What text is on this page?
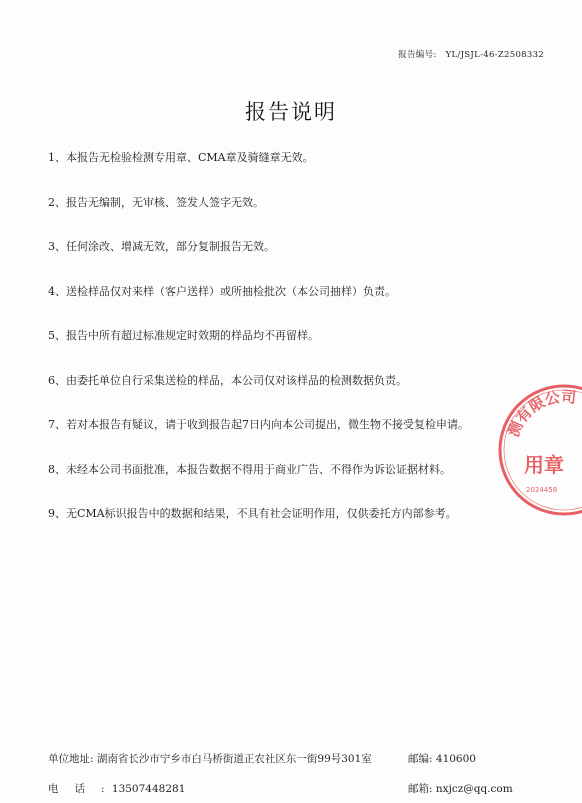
报告编号: YL/JSJL-46-Z2508332
报告说明
1、本报告无检验检测专用章、CMA章及骑缝章无效。
2、报告无编制，无审核、签发人签字无效。
3、任何涂改、增减无效，部分复制报告无效。
4、送检样品仅对来样（客户送样）或所抽检批次（本公司抽样）负责。
5、报告中所有超过标准规定时效期的样品均不再留样。
6、由委托单位自行采集送检的样品，本公司仅对该样品的检测数据负责。
7、若对本报告有疑议，请于收到报告起7日内向本公司提出，微生物不接受复检申请。
8、未经本公司书面批准，本报告数据不得用于商业广告、不得作为诉讼证据材料。
9、无CMA标识报告中的数据和结果，不具有社会证明作用，仅供委托方内部参考。
测有限公司
用章
2024458
单位地址: 湖南省长沙市宁乡市白马桥街道正农社区东一街99号301室	邮编: 410600
电话: 13507448281	邮箱: nxjcz@qq.com
